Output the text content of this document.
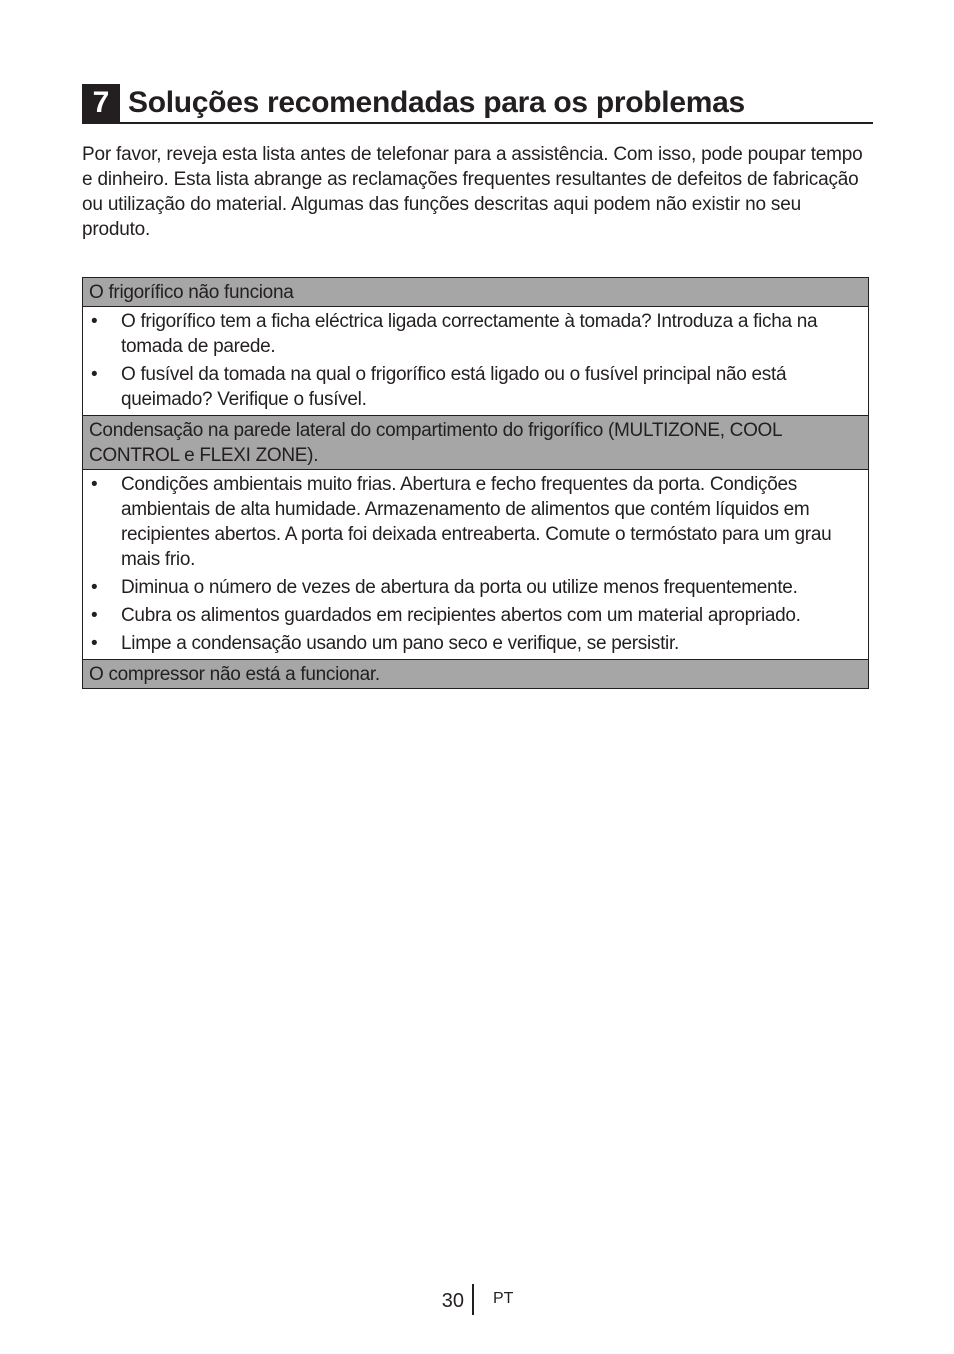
7 Soluções recomendadas para os problemas

Por favor, reveja esta lista antes de telefonar para a assistência. Com isso, pode poupar tempo e dinheiro. Esta lista abrange as reclamações frequentes resultantes de defeitos de fabricação ou utilização do material. Algumas das funções descritas aqui podem não existir no seu produto.

O frigorífico não funciona
• O frigorífico tem a ficha eléctrica ligada correctamente à tomada? Introduza a ficha na tomada de parede.
• O fusível da tomada na qual o frigorífico está ligado ou o fusível principal não está queimado? Verifique o fusível.
Condensação na parede lateral do compartimento do frigorífico (MULTIZONE, COOL CONTROL e FLEXI ZONE).
• Condições ambientais muito frias. Abertura e fecho frequentes da porta. Condições ambientais de alta humidade. Armazenamento de alimentos que contém líquidos em recipientes abertos. A porta foi deixada entreaberta. Comute o termóstato para um grau mais frio.
• Diminua o número de vezes de abertura da porta ou utilize menos frequentemente.
• Cubra os alimentos guardados em recipientes abertos com um material apropriado.
• Limpe a condensação usando um pano seco e verifique, se persistir.
O compressor não está a funcionar.
30 PT
